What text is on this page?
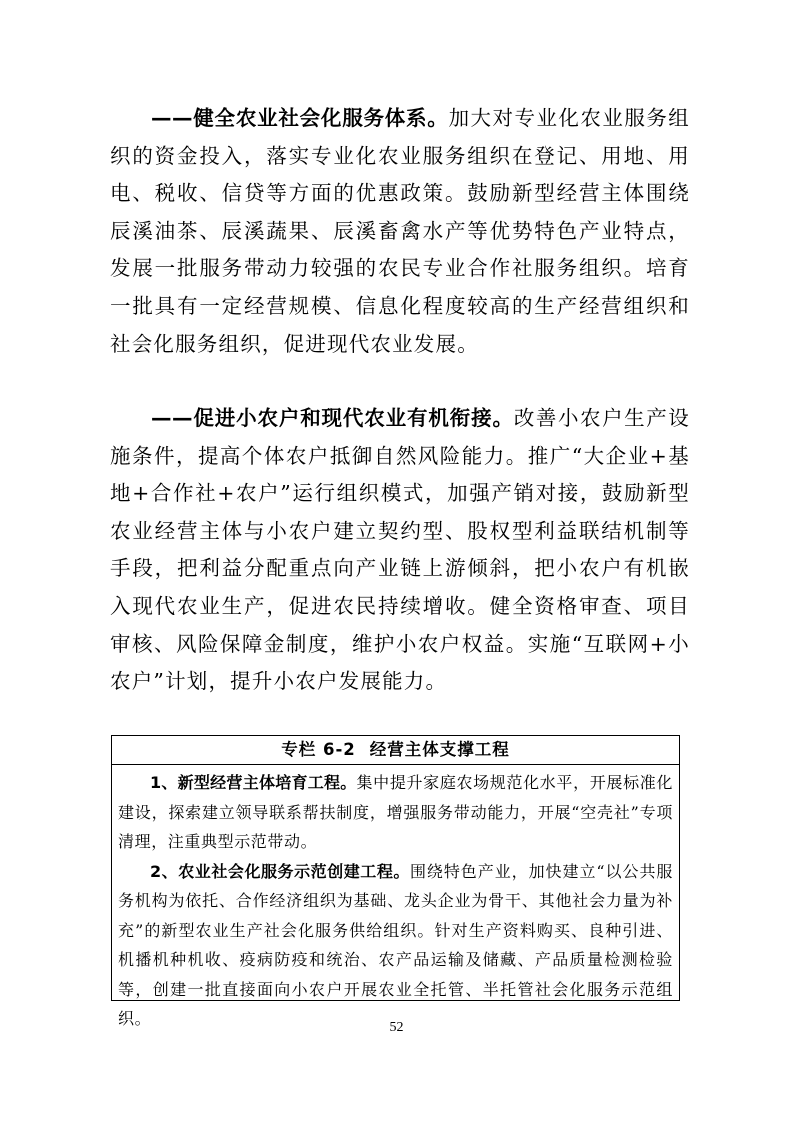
——健全农业社会化服务体系。加大对专业化农业服务组织的资金投入，落实专业化农业服务组织在登记、用地、用电、税收、信贷等方面的优惠政策。鼓励新型经营主体围绕辰溪油茶、辰溪蔬果、辰溪畜禽水产等优势特色产业特点，发展一批服务带动力较强的农民专业合作社服务组织。培育一批具有一定经营规模、信息化程度较高的生产经营组织和社会化服务组织，促进现代农业发展。

——促进小农户和现代农业有机衔接。改善小农户生产设施条件，提高个体农户抵御自然风险能力。推广“大企业+基地+合作社+农户”运行组织模式，加强产销对接，鼓励新型农业经营主体与小农户建立契约型、股权型利益联结机制等手段，把利益分配重点向产业链上游倾斜，把小农户有机嵌入现代农业生产，促进农民持续增收。健全资格审查、项目审核、风险保障金制度，维护小农户权益。实施“互联网+小农户”计划，提升小农户发展能力。

专栏 6-2 经营主体支撑工程

1、新型经营主体培育工程。集中提升家庭农场规范化水平，开展标准化建设，探索建立领导联系帮扶制度，增强服务带动能力，开展“空壳社”专项清理，注重典型示范带动。

2、农业社会化服务示范创建工程。围绕特色产业，加快建立“以公共服务机构为依托、合作经济组织为基础、龙头企业为骨干、其他社会力量为补充”的新型农业生产社会化服务供给组织。针对生产资料购买、良种引进、机播机种机收、疫病防疫和统治、农产品运输及储藏、产品质量检测检验等，创建一批直接面向小农户开展农业全托管、半托管社会化服务示范组织。	52
